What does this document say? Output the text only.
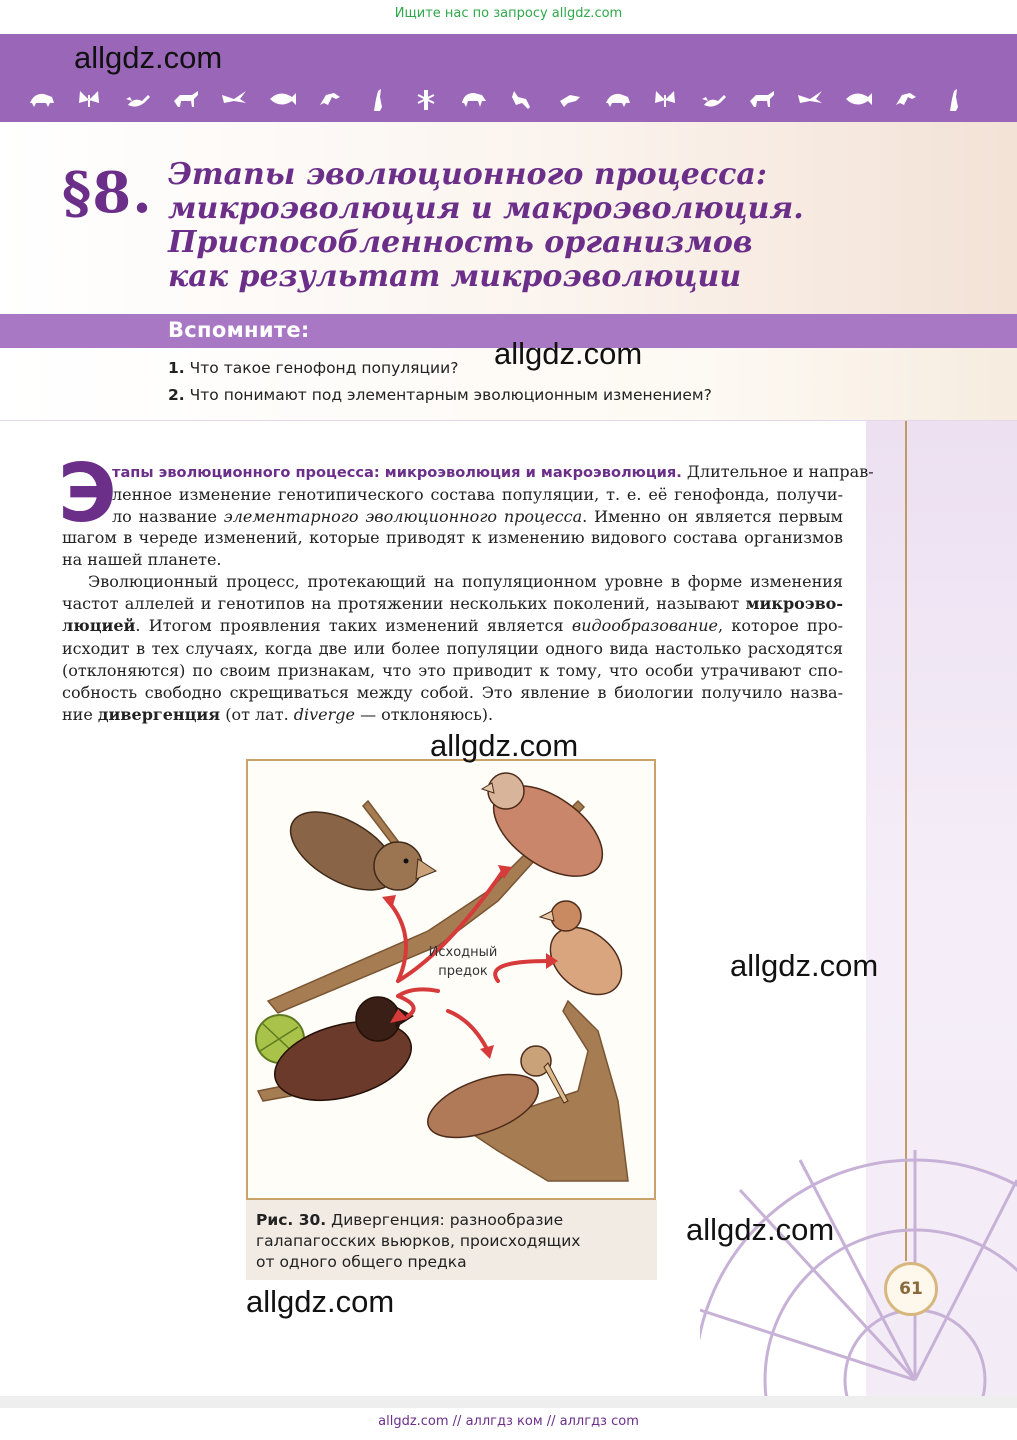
Ищите нас по запросу allgdz.com
§8. Этапы эволюционного процесса:
микроэволюция и макроэволюция.
Приспособленность организмов
как результат микроэволюции
Вспомните:
1. Что такое генофонд популяции?
2. Что понимают под элементарным эволюционным изменением?
61
Э
тапы эволюционного процесса: микроэволюция и макроэволюция. Длительное и направ-
ленное изменение генотипического состава популяции, т. е. её генофонда, получи-
ло название элементарного эволюционного процесса. Именно он является первым
шагом в череде изменений, которые приводят к изменению видового состава организмов
на нашей планете.
Эволюционный процесс, протекающий на популяционном уровне в форме изменения
частот аллелей и генотипов на протяжении нескольких поколений, называют микроэво-
люцией. Итогом проявления таких изменений является видообразование, которое про-
исходит в тех случаях, когда две или более популяции одного вида настолько расходятся
(отклоняются) по своим признакам, что это приводит к тому, что особи утрачивают спо-
собность свободно скрещиваться между собой. Это явление в биологии получило назва-
ние дивергенция (от лат. diverge — отклоняюсь).
Исходный
предок
Рис. 30. Дивергенция: разнообразие
галапагосских вьюрков, происходящих
от одного общего предка
allgdz.com
allgdz.com
allgdz.com
allgdz.com
allgdz.com
allgdz.com
allgdz.com // аллгдз ком // аллгдз com
